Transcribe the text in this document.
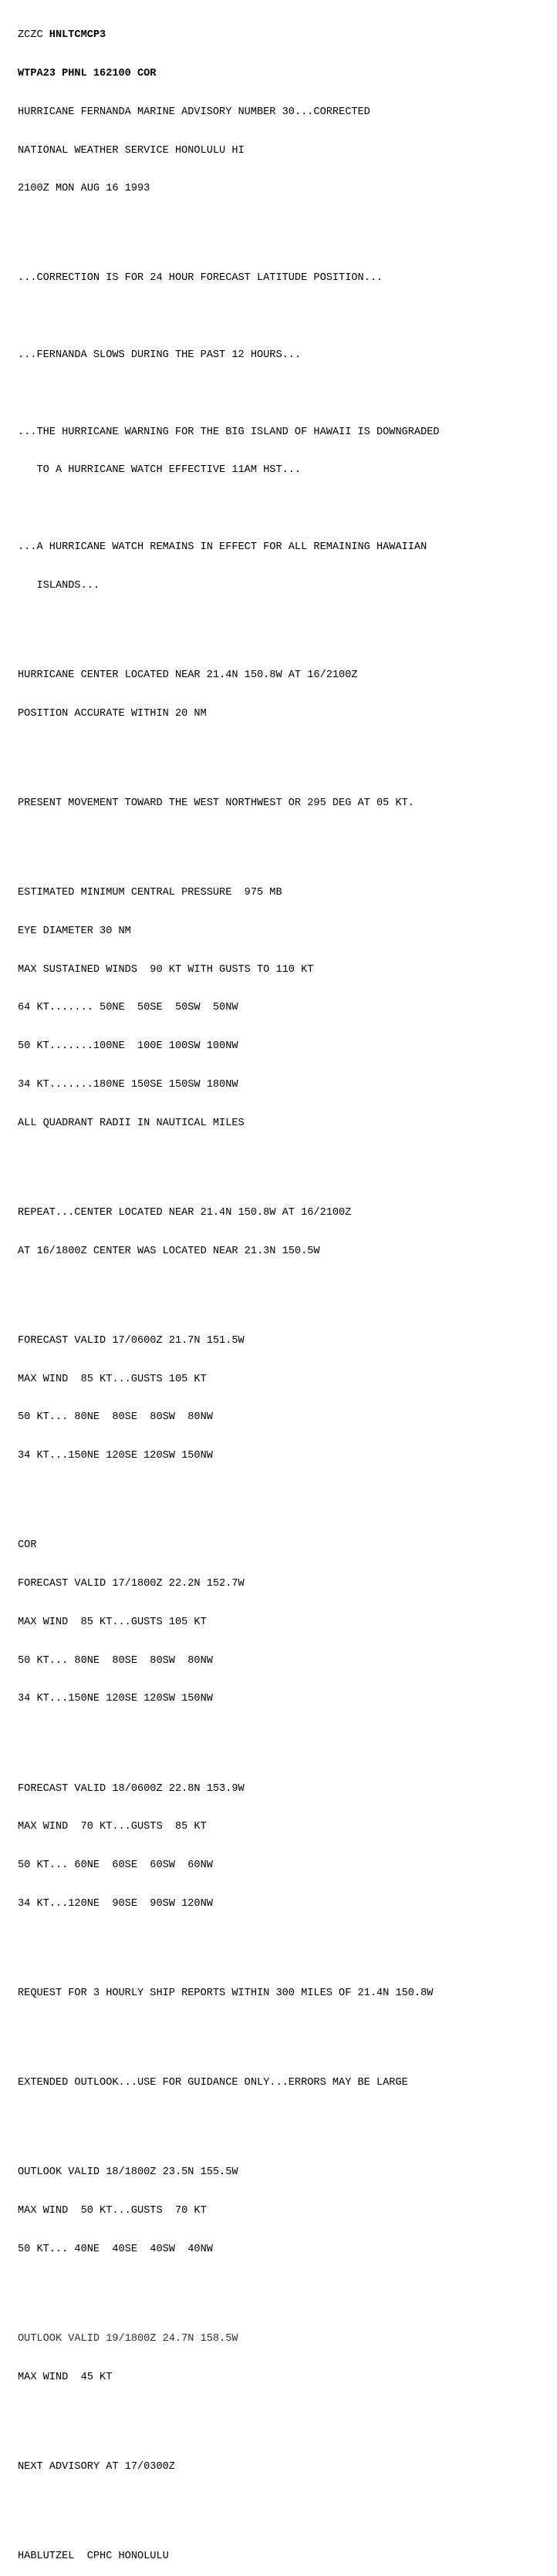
ZCZC HNLTCMCP3

WTPA23 PHNL 162100 COR

HURRICANE FERNANDA MARINE ADVISORY NUMBER 30...CORRECTED

NATIONAL WEATHER SERVICE HONOLULU HI

2100Z MON AUG 16 1993

...CORRECTION IS FOR 24 HOUR FORECAST LATITUDE POSITION...

...FERNANDA SLOWS DURING THE PAST 12 HOURS...

...THE HURRICANE WARNING FOR THE BIG ISLAND OF HAWAII IS DOWNGRADED

TO A HURRICANE WATCH EFFECTIVE 11AM HST...

...A HURRICANE WATCH REMAINS IN EFFECT FOR ALL REMAINING HAWAIIAN

ISLANDS...

HURRICANE CENTER LOCATED NEAR 21.4N 150.8W AT 16/2100Z

POSITION ACCURATE WITHIN 20 NM

PRESENT MOVEMENT TOWARD THE WEST NORTHWEST OR 295 DEG AT 05 KT.

ESTIMATED MINIMUM CENTRAL PRESSURE  975 MB

EYE DIAMETER 30 NM

MAX SUSTAINED WINDS  90 KT WITH GUSTS TO 110 KT

64 KT....... 50NE  50SE  50SW  50NW

50 KT.......100NE  100E 100SW 100NW

34 KT.......180NE 150SE 150SW 180NW

ALL QUADRANT RADII IN NAUTICAL MILES

REPEAT...CENTER LOCATED NEAR 21.4N 150.8W AT 16/2100Z

AT 16/1800Z CENTER WAS LOCATED NEAR 21.3N 150.5W

FORECAST VALID 17/0600Z 21.7N 151.5W

MAX WIND  85 KT...GUSTS 105 KT

50 KT... 80NE  80SE  80SW  80NW

34 KT...150NE 120SE 120SW 150NW

COR

FORECAST VALID 17/1800Z 22.2N 152.7W

MAX WIND  85 KT...GUSTS 105 KT

50 KT... 80NE  80SE  80SW  80NW

34 KT...150NE 120SE 120SW 150NW

FORECAST VALID 18/0600Z 22.8N 153.9W

MAX WIND  70 KT...GUSTS  85 KT

50 KT... 60NE  60SE  60SW  60NW

34 KT...120NE  90SE  90SW 120NW

REQUEST FOR 3 HOURLY SHIP REPORTS WITHIN 300 MILES OF 21.4N 150.8W

EXTENDED OUTLOOK...USE FOR GUIDANCE ONLY...ERRORS MAY BE LARGE

OUTLOOK VALID 18/1800Z 23.5N 155.5W

MAX WIND  50 KT...GUSTS  70 KT

50 KT... 40NE  40SE  40SW  40NW

OUTLOOK VALID 19/1800Z 24.7N 158.5W

MAX WIND  45 KT

NEXT ADVISORY AT 17/0300Z

HABLUTZEL  CPHC HONOLULU
